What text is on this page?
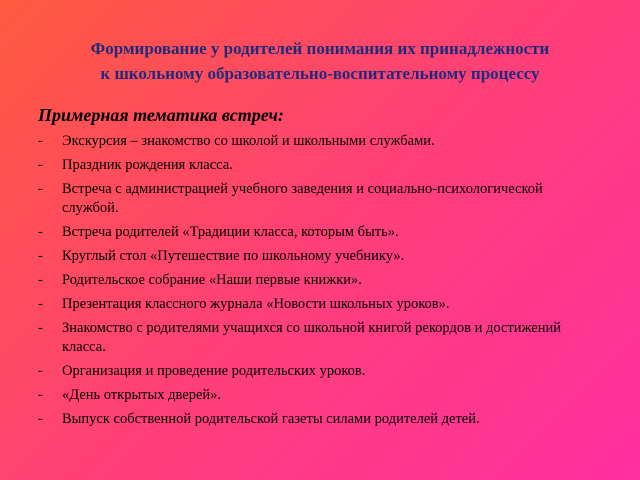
Формирование у родителей понимания их принадлежности
к школьному образовательно-воспитательному процессу

Примерная тематика встреч:

-	Экскурсия – знакомство со школой и школьными службами.
-	Праздник рождения класса.
-	Встреча с администрацией учебного заведения и социально-психологической службой.
-	Встреча родителей «Традиции класса, которым быть».
-	Круглый стол «Путешествие по школьному учебнику».
-	Родительское собрание «Наши первые книжки».
-	Презентация классного журнала «Новости школьных уроков».
-	Знакомство с родителями учащихся со школьной книгой рекордов и достижений класса.
-	Организация и проведение родительских уроков.
-	«День открытых дверей».
-	Выпуск собственной родительской газеты силами родителей детей.
